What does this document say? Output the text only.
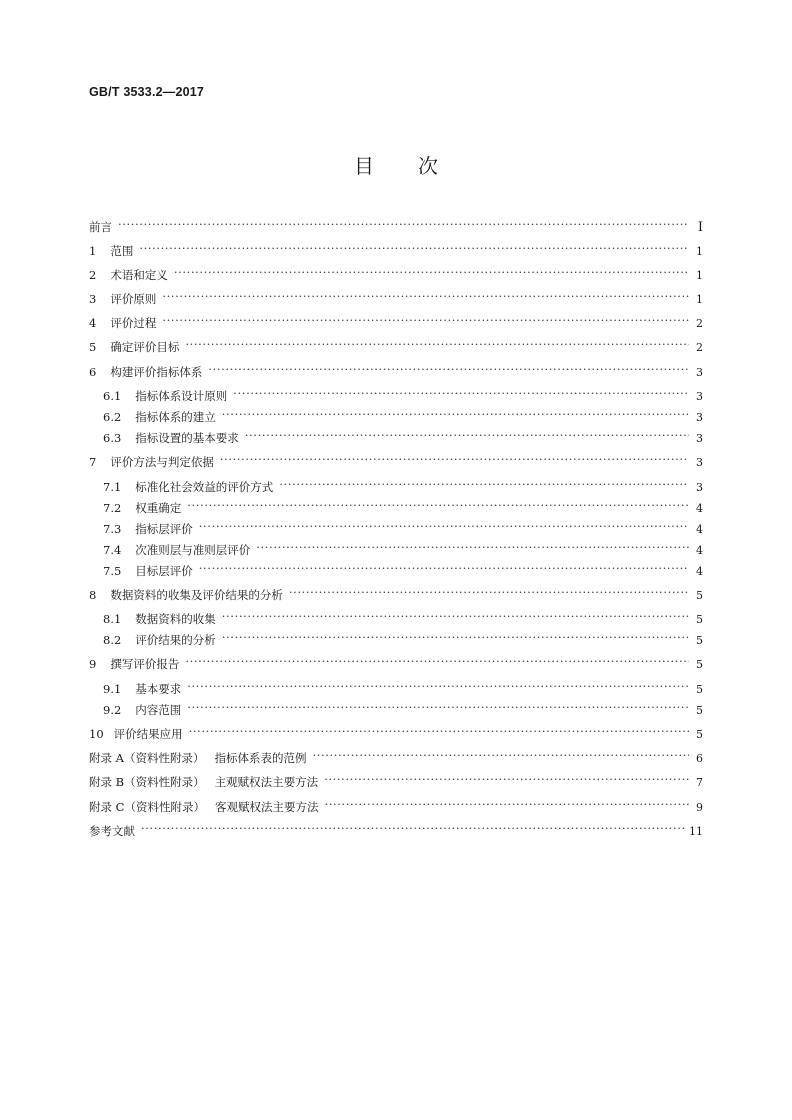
GB/T 3533.2—2017
目 次
前言 ·····	I
1 范围 ·····	1
2 术语和定义 ·····	1
3 评价原则 ·····	1
4 评价过程 ·····	2
5 确定评价目标 ·····	2
6 构建评价指标体系 ·····	3
6.1 指标体系设计原则 ·····	3
6.2 指标体系的建立 ·····	3
6.3 指标设置的基本要求 ·····	3
7 评价方法与判定依据 ·····	3
7.1 标准化社会效益的评价方式 ·····	3
7.2 权重确定 ·····	4
7.3 指标层评价 ·····	4
7.4 次准则层与准则层评价 ·····	4
7.5 目标层评价 ·····	4
8 数据资料的收集及评价结果的分析 ·····	5
8.1 数据资料的收集 ·····	5
8.2 评价结果的分析 ·····	5
9 撰写评价报告 ·····	5
9.1 基本要求 ·····	5
9.2 内容范围 ·····	5
10 评价结果应用 ·····	5
附录 A（资料性附录） 指标体系表的范例 ·····	6
附录 B（资料性附录） 主观赋权法主要方法 ·····	7
附录 C（资料性附录） 客观赋权法主要方法 ·····	9
参考文献 ·····	11
